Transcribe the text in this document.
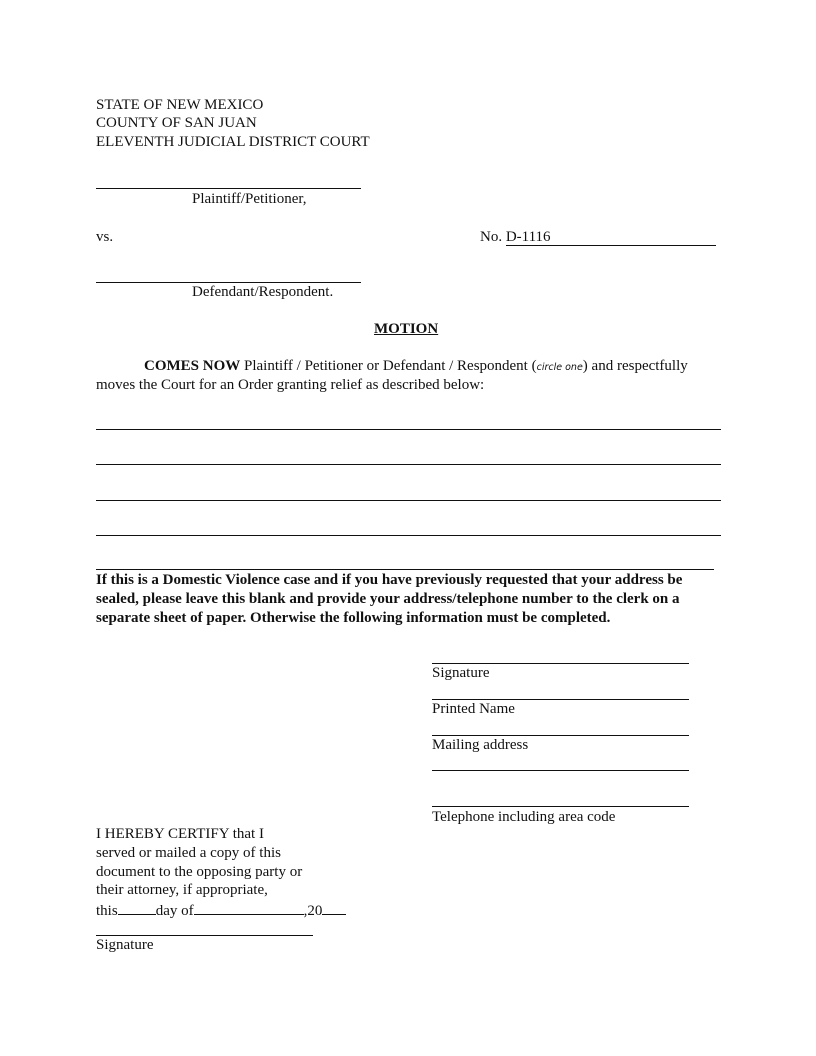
STATE OF NEW MEXICO
COUNTY OF SAN JUAN
ELEVENTH JUDICIAL DISTRICT COURT
Plaintiff/Petitioner,
vs.	No. D-1116
Defendant/Respondent.
MOTION
COMES NOW Plaintiff / Petitioner or Defendant / Respondent (circle one) and respectfully
moves the Court for an Order granting relief as described below:
If this is a Domestic Violence case and if you have previously requested that your address be
sealed, please leave this blank and provide your address/telephone number to the clerk on a
separate sheet of paper. Otherwise the following information must be completed.
Signature
Printed Name
Mailing address
Telephone including area code
I HEREBY CERTIFY that I
served or mailed a copy of this
document to the opposing party or
their attorney, if appropriate,
this	day of	,20
Signature
